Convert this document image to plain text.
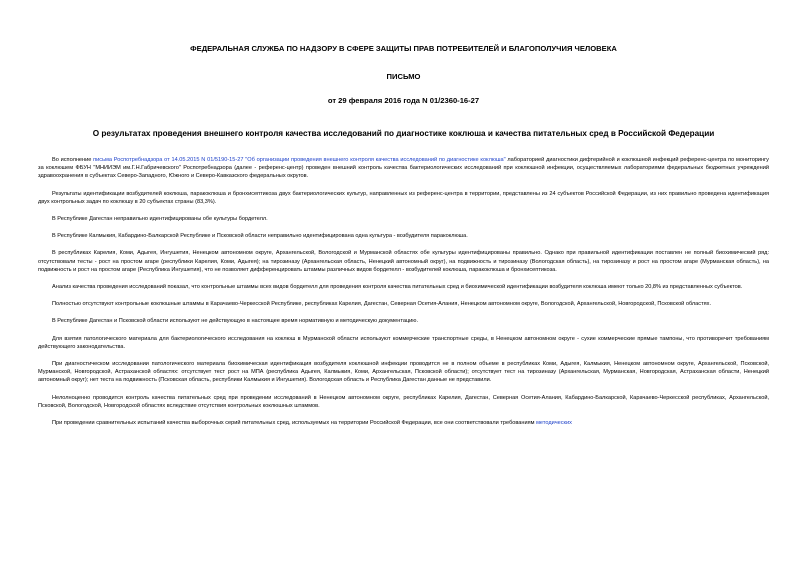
ФЕДЕРАЛЬНАЯ СЛУЖБА ПО НАДЗОРУ В СФЕРЕ ЗАЩИТЫ ПРАВ ПОТРЕБИТЕЛЕЙ И БЛАГОПОЛУЧИЯ ЧЕЛОВЕКА
ПИСЬМО
от 29 февраля 2016 года N 01/2360-16-27
О результатах проведения внешнего контроля качества исследований по диагностике коклюша и качества питательных сред в Российской Федерации

Во исполнение письма Роспотребнадзора от 14.05.2015 N 01/5190-15-27 "Об организации проведения внешнего контроля качества исследований по диагностике коклюша" лабораторией диагностики дифтерийной и коклюшной инфекций референс-центра по мониторингу за коклюшем ФБУН "МНИИЭМ им.Г.Н.Габричевского" Роспотребнадзора (далее - референс-центр) проведен внешний контроль качества бактериологических исследований при коклюшной инфекции, осуществляемых лабораториями федеральных бюджетных учреждений здравоохранения в субъектах Северо-Западного, Южного и Северо-Кавказского федеральных округов.

Результаты идентификации возбудителей коклюша, паракоклюша и бронхисептикоза двух бактериологических культур, направленных из референс-центра в территории, представлены из 24 субъектов Российской Федерации, из них правильно проведена идентификация двух контрольных задач по коклюшу в 20 субъектах страны (83,3%).

В Республике Дагестан неправильно идентифицированы обе культуры бордетелл.

В Республике Калмыкия, Кабардино-Балкарской Республике и Псковской области неправильно идентифицирована одна культура - возбудителя паракоклюша.

В республиках Карелия, Коми, Адыгея, Ингушетия, Ненецком автономном округе, Архангельской, Вологодской и Мурманской областях обе культуры идентифицированы правильно. Однако при правильной идентификации поставлен не полный биохимический ряд: отсутствовали тесты - рост на простом агаре (республики Карелия, Коми, Адыгея); на тирозиназу (Архангельская область, Ненецкий автономный округ), на подвижность и тирозиназу (Вологодская область), на тирозиназу и рост на простом агаре (Мурманская область), на подвижность и рост на простом агаре (Республика Ингушетия), что не позволяет дифференцировать штаммы различных видов бордетелл - возбудителей коклюша, паракоклюша и бронхисептикоза.

Анализ качества проведения исследований показал, что контрольные штаммы всех видов бордетелл для проведения контроля качества питательных сред и биохимической идентификации возбудителя коклюша имеют только 20,8% из представленных субъектов.

Полностью отсутствуют контрольные коклюшные штаммы в Карачаево-Черкесской Республике, республиках Карелия, Дагестан, Северная Осетия-Алания, Ненецком автономном округе, Вологодской, Архангельской, Новгородской, Псковской областях.

В Республике Дагестан и Псковской области используют не действующую в настоящее время нормативную и методическую документацию.

Для взятия патологического материала для бактериологического исследования на коклюш в Мурманской области используют коммерческие транспортные среды, в Ненецком автономном округе - сухие коммерческие прямые тампоны, что противоречит требованиям действующего законодательства.

При диагностическом исследовании патологического материала биохимическая идентификация возбудителя коклюшной инфекции проводится не в полном объеме в республиках Коми, Адыгея, Калмыкия, Ненецком автономном округе, Архангельской, Псковской, Мурманской, Новгородской, Астраханской областях: отсутствует тест рост на МПА (республика Адыгея, Калмыкия, Коми, Архангельская, Псковской области); отсутствует тест на тирозиназу (Архангельская, Мурманская, Новгородская, Астраханская области, Ненецкий автономный округ); нет теста на подвижность (Псковская область, республики Калмыкия и Ингушетия). Вологодская область и Республика Дагестан данные не представили.

Нелолноценно проводится контроль качества питательных сред при проведении исследований в Ненецком автономном округе, республиках Карелия, Дагестан, Северная Осетия-Алания, Кабардино-Балкарской, Карачаево-Черкесской республиках, Архангельской, Псковской, Вологодской, Новгородской областях вследствие отсутствия контрольных коклюшных штаммов.

При проведении сравнительных испытаний качества выборочных серий питательных сред, используемых на территории Российской Федерации, все они соответствовали требованиям методических
